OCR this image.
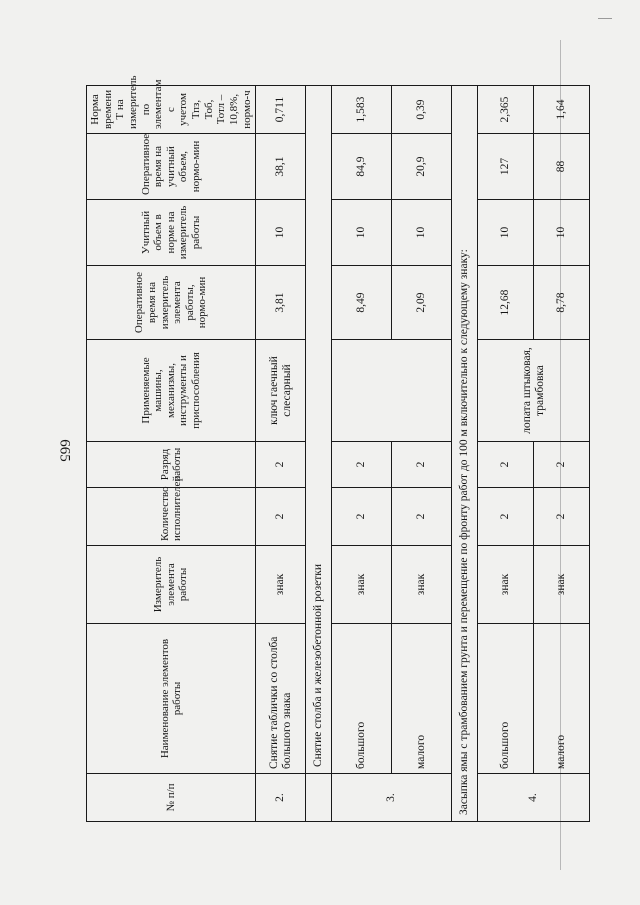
665
№ п/п	Наименование элементов работы	Измеритель элемента работы	Количество исполнителей	Разряд работы	Применяемые машины, механизмы, инструменты и приспособления	Оперативное время на измеритель элемента работы, нормо-мин	Учитный объем в норме на измеритель работы	Оперативное время на учитный объем, нормо-мин	Норма времени Т на измеритель по элементам с учетом Тпз, Тоб, Тотл – 10,8%, нормо-ч
2.	Снятие таблички со столба большого знака	знак	2	2	ключ гаечный слесарный	3,81	10	38,1	0,711
	Снятие столба и железобетонной розетки								
3.	большого	знак	2	2		8,49	10	84,9	1,583
	малого	знак	2	2		2,09	10	20,9	0,39
Засыпка ямы с трамбованием грунта и перемещение по фронту работ до 100 м включительно к следующему знаку:									
4.	большого	знак	2	2	лопата штыковая, трамбовка	12,68	10	127	2,365
	малого	знак	2	2		8,78	10	88	1,64
